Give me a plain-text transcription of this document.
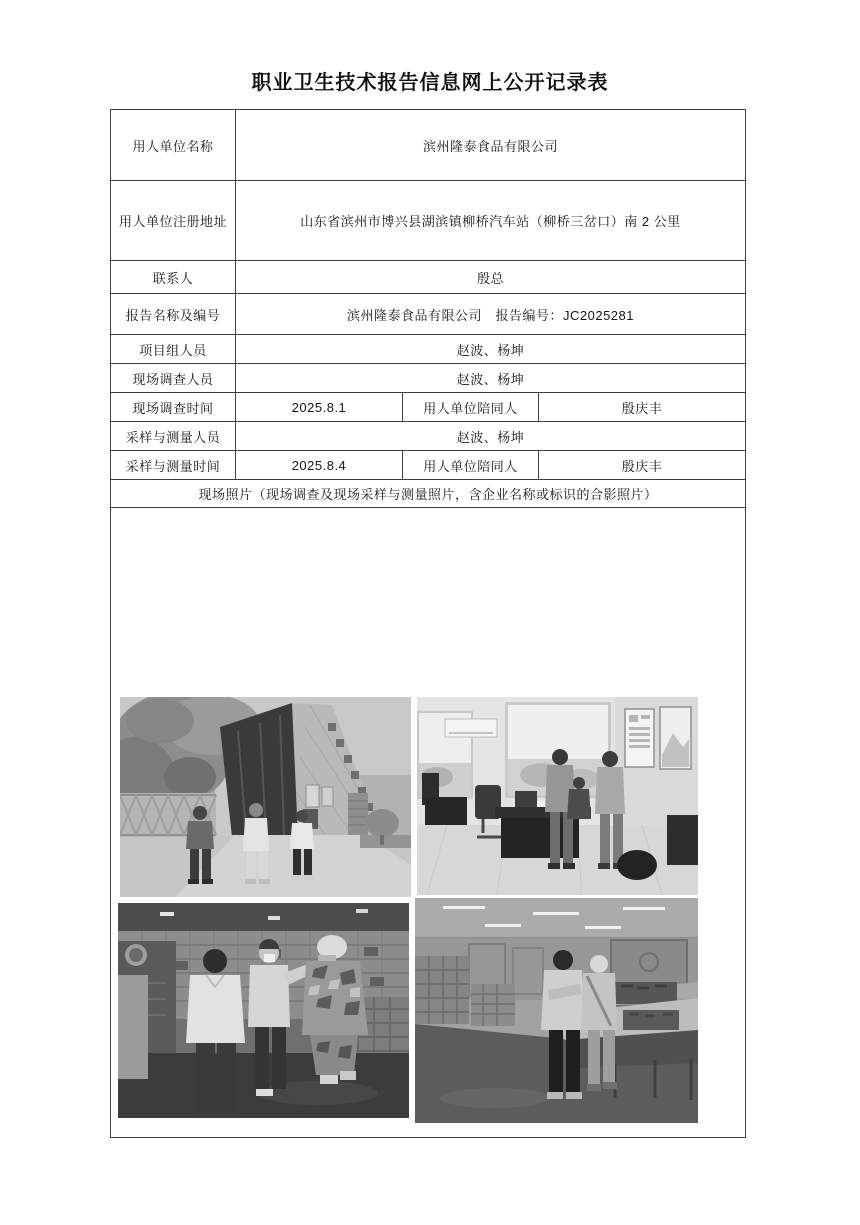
职业卫生技术报告信息网上公开记录表
用人单位名称	滨州隆泰食品有限公司		
用人单位注册地址	山东省滨州市博兴县湖滨镇柳桥汽车站（柳桥三岔口）南 2 公里		
联系人	殷总		
报告名称及编号	滨州隆泰食品有限公司　报告编号：JC2025281		
项目组人员	赵波、杨坤		
现场调查人员	赵波、杨坤		
现场调查时间	2025.8.1	用人单位陪同人	殷庆丰
采样与测量人员	赵波、杨坤		
采样与测量时间	2025.8.4	用人单位陪同人	殷庆丰
现场照片（现场调查及现场采样与测量照片，含企业名称或标识的合影照片）			
